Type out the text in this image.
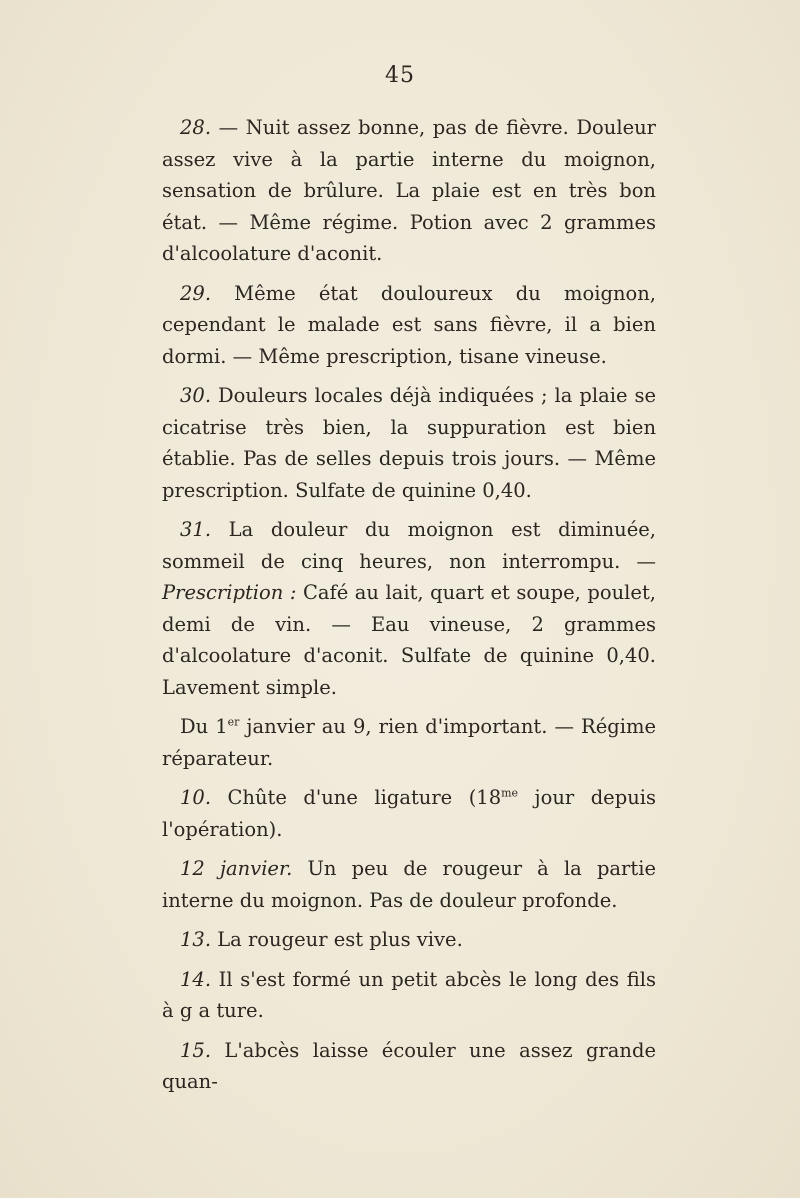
45

28. — Nuit assez bonne, pas de fièvre. Douleur assez vive à la partie interne du moignon, sensation de brûlure. La plaie est en très bon état. — Même régime. Potion avec 2 grammes d'alcoolature d'aconit.

29. Même état douloureux du moignon, cependant le malade est sans fièvre, il a bien dormi. — Même prescription, tisane vineuse.

30. Douleurs locales déjà indiquées ; la plaie se cicatrise très bien, la suppuration est bien établie. Pas de selles depuis trois jours. — Même prescription. Sulfate de quinine 0,40.

31. La douleur du moignon est diminuée, sommeil de cinq heures, non interrompu. — Prescription : Café au lait, quart et soupe, poulet, demi de vin. — Eau vineuse, 2 grammes d'alcoolature d'aconit. Sulfate de quinine 0,40. Lavement simple.

Du 1er janvier au 9, rien d'important. — Régime réparateur.

10. Chûte d'une ligature ($18^{me}$ jour depuis l'opération).

12 janvier. Un peu de rougeur à la partie interne du moignon. Pas de douleur profonde.

13. La rougeur est plus vive.

14. Il s'est formé un petit abcès le long des fils à g a ture.

15. L'abcès laisse écouler une assez grande quan-
